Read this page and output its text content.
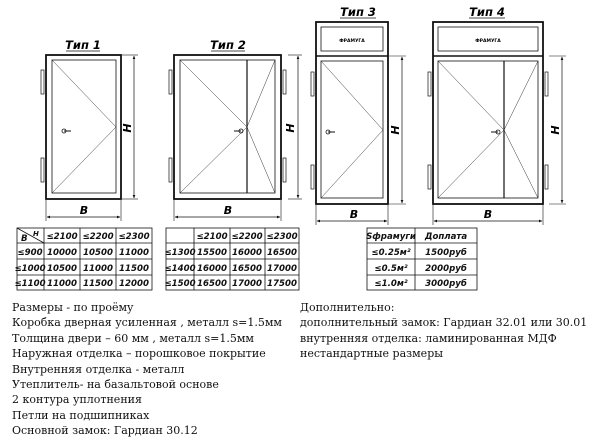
Тип 1
B
H
Тип 2
B
H
Тип 3
ФРАМУГА
B
H
Тип 4
ФРАМУГА
B
H
B H ≤2100 ≤2200 ≤2300
≤900 10000 10500 11000
≤1000 10500 11000 11500
≤1100 11000 11500 12000
≤2100 ≤2200 ≤2300
≤1300 15500 16000 16500
≤1400 16000 16500 17000
≤1500 16500 17000 17500
Sфрамуги Доплата
≤0.25м² 1500руб
≤0.5м² 2000руб
≤1.0м² 3000руб
Размеры - по проёму
Коробка дверная усиленная , металл s=1.5мм
Толщина двери – 60 мм , металл s=1.5мм
Наружная отделка – порошковое покрытие
Внутренняя отделка - металл
Утеплитель- на базальтовой основе
2 контура уплотнения
Петли на подшипниках
Основной замок: Гардиан 30.12
Дополнительно:
дополнительный замок: Гардиан 32.01 или 30.01
внутренняя отделка: ламинированная МДФ
нестандартные размеры
